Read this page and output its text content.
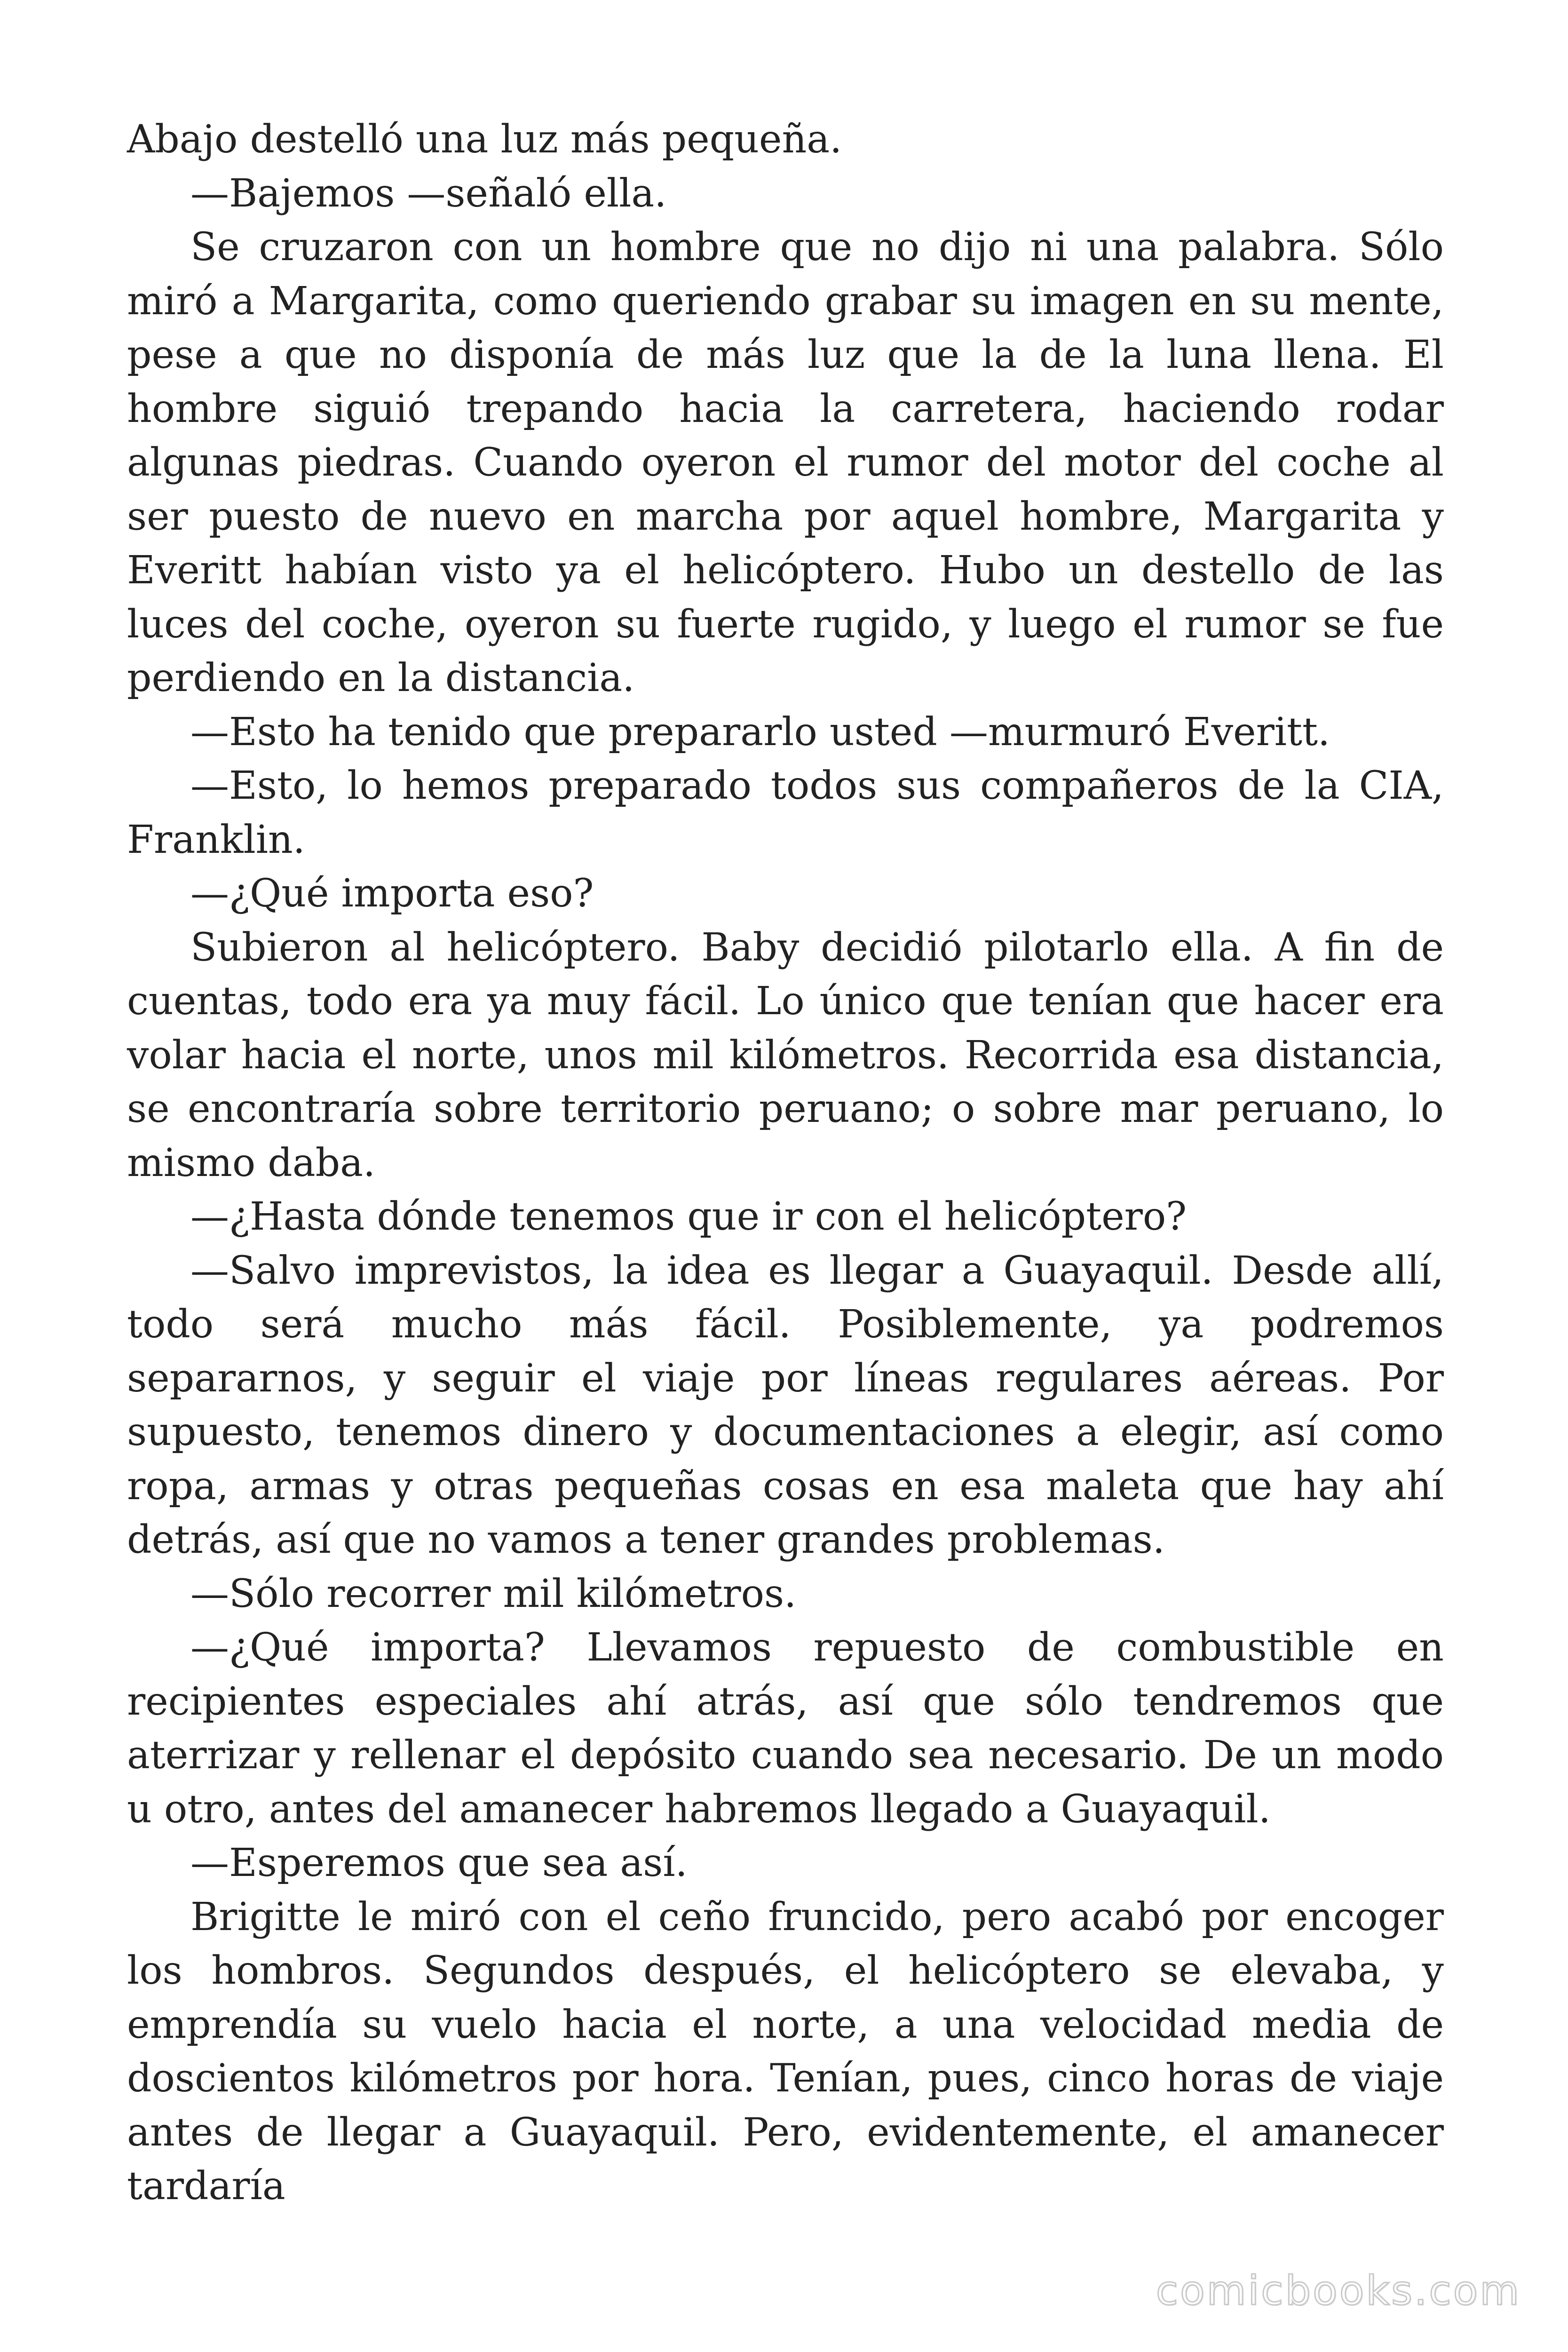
Abajo destelló una luz más pequeña.

—Bajemos —señaló ella.

Se cruzaron con un hombre que no dijo ni una palabra. Sólo miró a Margarita, como queriendo grabar su imagen en su mente, pese a que no disponía de más luz que la de la luna llena. El hombre siguió trepando hacia la carretera, haciendo rodar algunas piedras. Cuando oyeron el rumor del motor del coche al ser puesto de nuevo en marcha por aquel hombre, Margarita y Everitt habían visto ya el helicóptero. Hubo un destello de las luces del coche, oyeron su fuerte rugido, y luego el rumor se fue perdiendo en la distancia.

—Esto ha tenido que prepararlo usted —murmuró Everitt.

—Esto, lo hemos preparado todos sus compañeros de la CIA, Franklin.

—¿Qué importa eso?

Subieron al helicóptero. Baby decidió pilotarlo ella. A fin de cuentas, todo era ya muy fácil. Lo único que tenían que hacer era volar hacia el norte, unos mil kilómetros. Recorrida esa distancia, se encontraría sobre territorio peruano; o sobre mar peruano, lo mismo daba.

—¿Hasta dónde tenemos que ir con el helicóptero?

—Salvo imprevistos, la idea es llegar a Guayaquil. Desde allí, todo será mucho más fácil. Posiblemente, ya podremos separarnos, y seguir el viaje por líneas regulares aéreas. Por supuesto, tenemos dinero y documentaciones a elegir, así como ropa, armas y otras pequeñas cosas en esa maleta que hay ahí detrás, así que no vamos a tener grandes problemas.

—Sólo recorrer mil kilómetros.

—¿Qué importa? Llevamos repuesto de combustible en recipientes especiales ahí atrás, así que sólo tendremos que aterrizar y rellenar el depósito cuando sea necesario. De un modo u otro, antes del amanecer habremos llegado a Guayaquil.

—Esperemos que sea así.

Brigitte le miró con el ceño fruncido, pero acabó por encoger los hombros. Segundos después, el helicóptero se elevaba, y emprendía su vuelo hacia el norte, a una velocidad media de doscientos kilómetros por hora. Tenían, pues, cinco horas de viaje antes de llegar a Guayaquil. Pero, evidentemente, el amanecer tardaría

comicbooks.com
